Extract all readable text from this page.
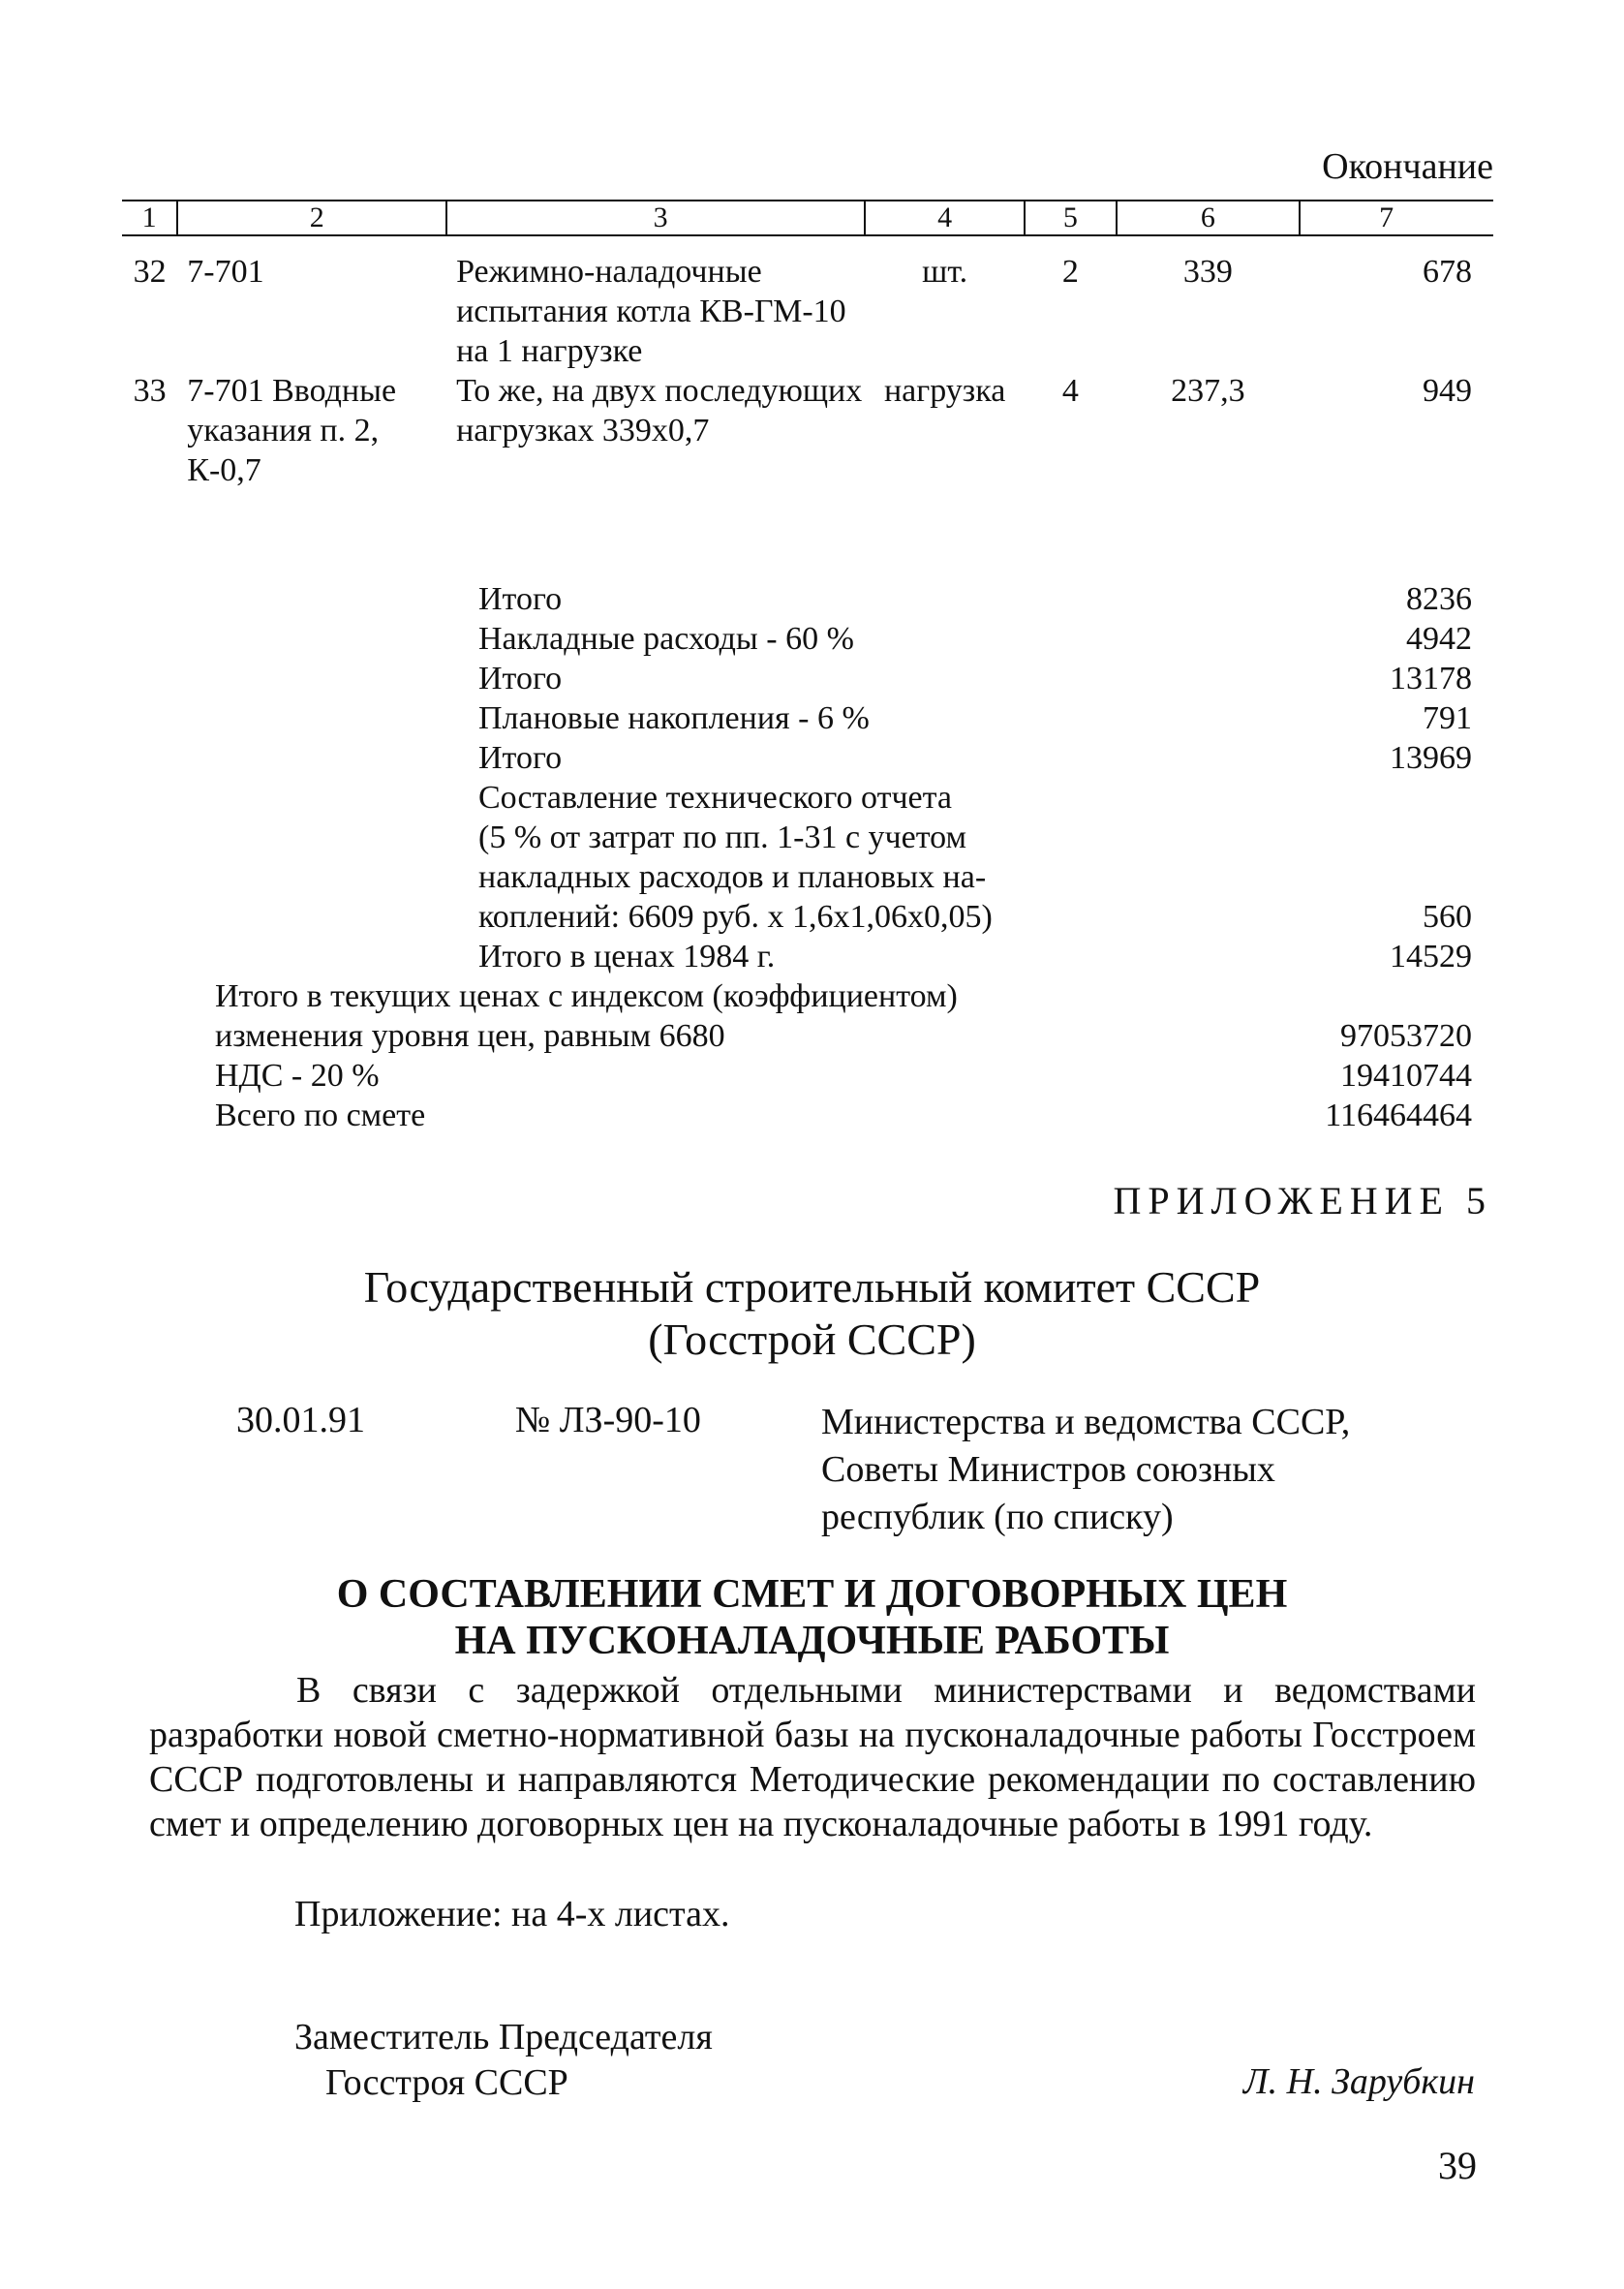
Окончание
1	2	3	4	5	6	7

32	7-701	Режимно-наладочные испытания котла КВ-ГМ-10 на 1 нагрузке	шт.	2	339	678
33	7-701 Вводные указания п. 2, К-0,7	То же, на двух последующих нагрузках 339х0,7	нагрузка	4	237,3	949
Итого	8236
Накладные расходы - 60 %	4942
Итого	13178
Плановые накопления - 6 %	791
Итого	13969
Составление технического отчета
(5 % от затрат по пп. 1-31 с учетом
накладных расходов и плановых на-
коплений: 6609 руб. х 1,6х1,06х0,05)	560
Итого в ценах 1984 г.	14529
Итого в текущих ценах с индексом (коэффициентом)
изменения уровня цен, равным 6680	97053720
НДС - 20 %	19410744
Всего по смете	116464464
ПРИЛОЖЕНИЕ 5
Государственный строительный комитет СССР
(Госстрой СССР)
30.01.91	№ ЛЗ-90-10	Министерства и ведомства СССР,
Советы Министров союзных
республик (по списку)
О СОСТАВЛЕНИИ СМЕТ И ДОГОВОРНЫХ ЦЕН
НА ПУСКОНАЛАДОЧНЫЕ РАБОТЫ

В связи с задержкой отдельными министерствами и ведомствами разработки новой сметно-нормативной базы на пусконаладочные работы Госстроем СССР подготовлены и направляются Методические рекомендации по составлению смет и определению договорных цен на пусконаладочные работы в 1991 году.

Приложение: на 4-х листах.
Заместитель Председателя
Госстроя СССР	Л. Н. Зарубкин
39
